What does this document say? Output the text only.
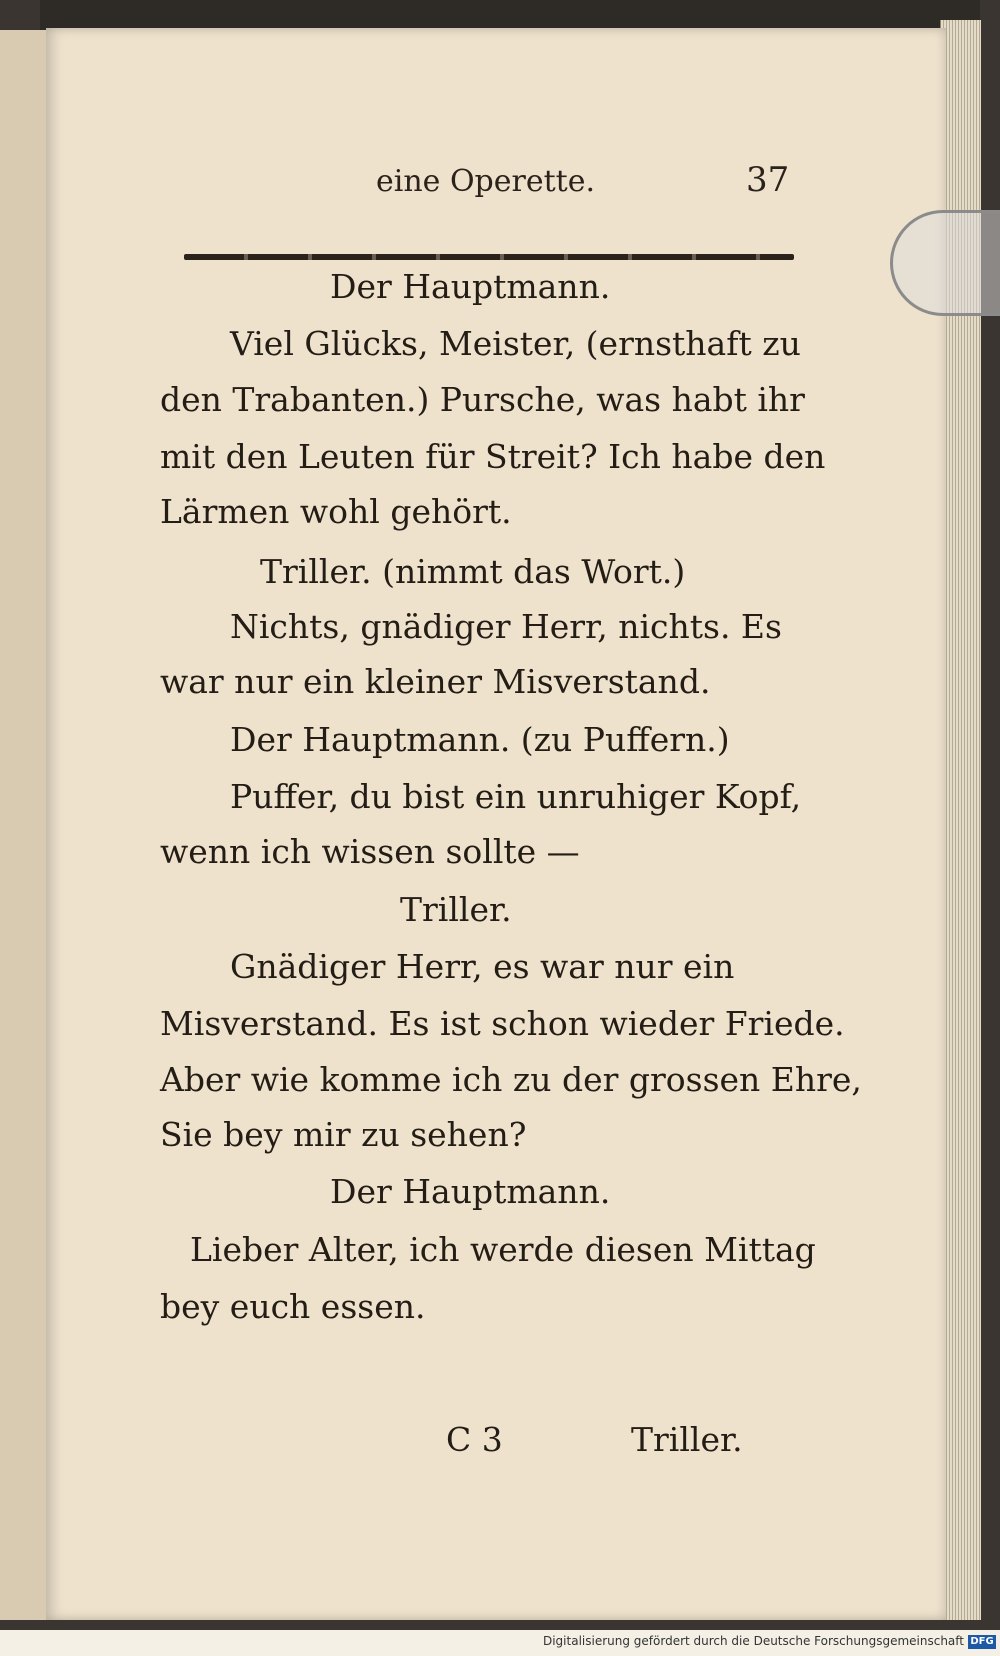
eine Operette.	37
Der Hauptmann.
Viel Glücks, Meister, (ernsthaft zu
den Trabanten.) Pursche, was habt ihr
mit den Leuten für Streit? Ich habe den
Lärmen wohl gehört.
Triller. (nimmt das Wort.)
Nichts, gnädiger Herr, nichts. Es
war nur ein kleiner Misverstand.
Der Hauptmann. (zu Puffern.)
Puffer, du bist ein unruhiger Kopf,
wenn ich wissen sollte —
Triller.
Gnädiger Herr, es war nur ein
Misverstand. Es ist schon wieder Friede.
Aber wie komme ich zu der grossen Ehre,
Sie bey mir zu sehen?
Der Hauptmann.
Lieber Alter, ich werde diesen Mittag
bey euch essen.
C 3	Triller.
Digitalisierung gefördert durch die Deutsche Forschungsgemeinschaft DFG
